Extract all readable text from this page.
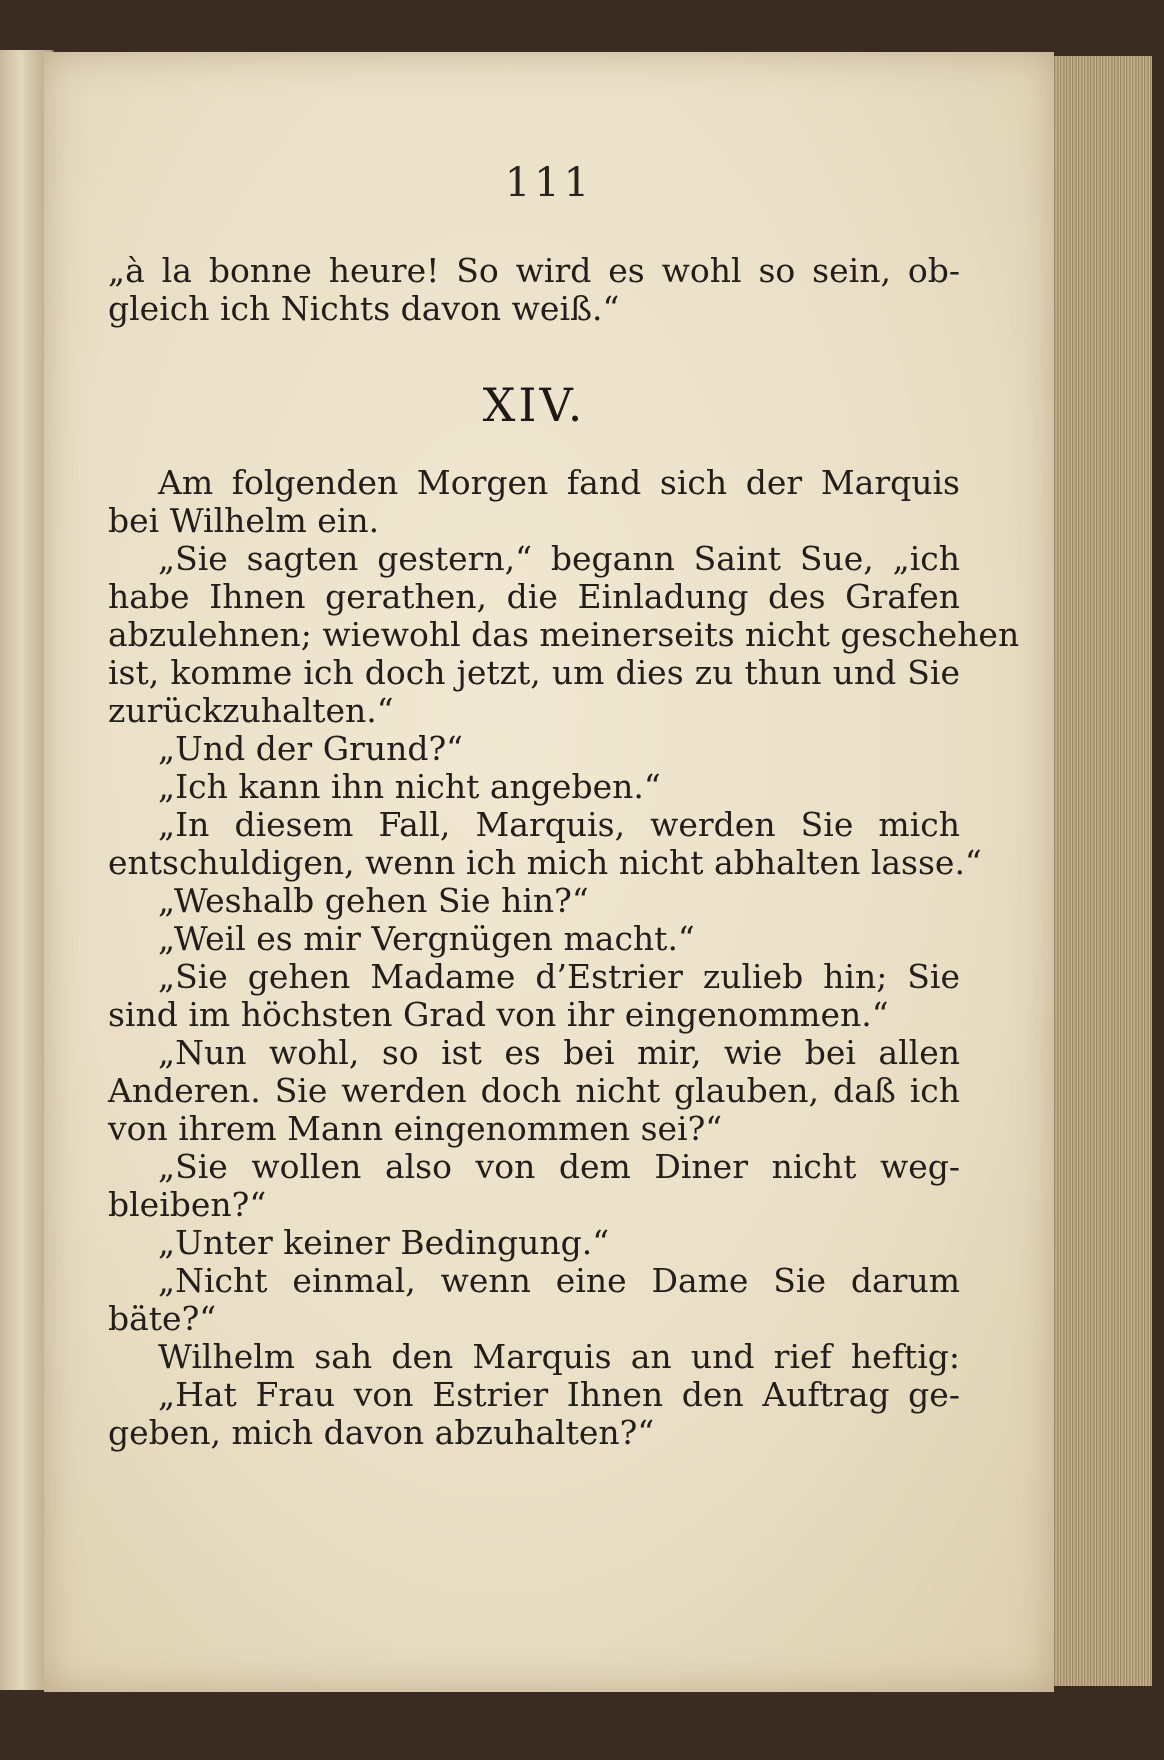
111
„à la bonne heure! So wird es wohl so sein, ob-
gleich ich Nichts davon weiß.“
XIV.
Am folgenden Morgen fand sich der Marquis
bei Wilhelm ein.
„Sie sagten gestern,“ begann Saint Sue, „ich
habe Ihnen gerathen, die Einladung des Grafen
abzulehnen; wiewohl das meinerseits nicht geschehen
ist, komme ich doch jetzt, um dies zu thun und Sie
zurückzuhalten.“
„Und der Grund?“
„Ich kann ihn nicht angeben.“
„In diesem Fall, Marquis, werden Sie mich
entschuldigen, wenn ich mich nicht abhalten lasse.“
„Weshalb gehen Sie hin?“
„Weil es mir Vergnügen macht.“
„Sie gehen Madame d’Estrier zulieb hin; Sie
sind im höchsten Grad von ihr eingenommen.“
„Nun wohl, so ist es bei mir, wie bei allen
Anderen. Sie werden doch nicht glauben, daß ich
von ihrem Mann eingenommen sei?“
„Sie wollen also von dem Diner nicht weg-
bleiben?“
„Unter keiner Bedingung.“
„Nicht einmal, wenn eine Dame Sie darum
bäte?“
Wilhelm sah den Marquis an und rief heftig:
„Hat Frau von Estrier Ihnen den Auftrag ge-
geben, mich davon abzuhalten?“
